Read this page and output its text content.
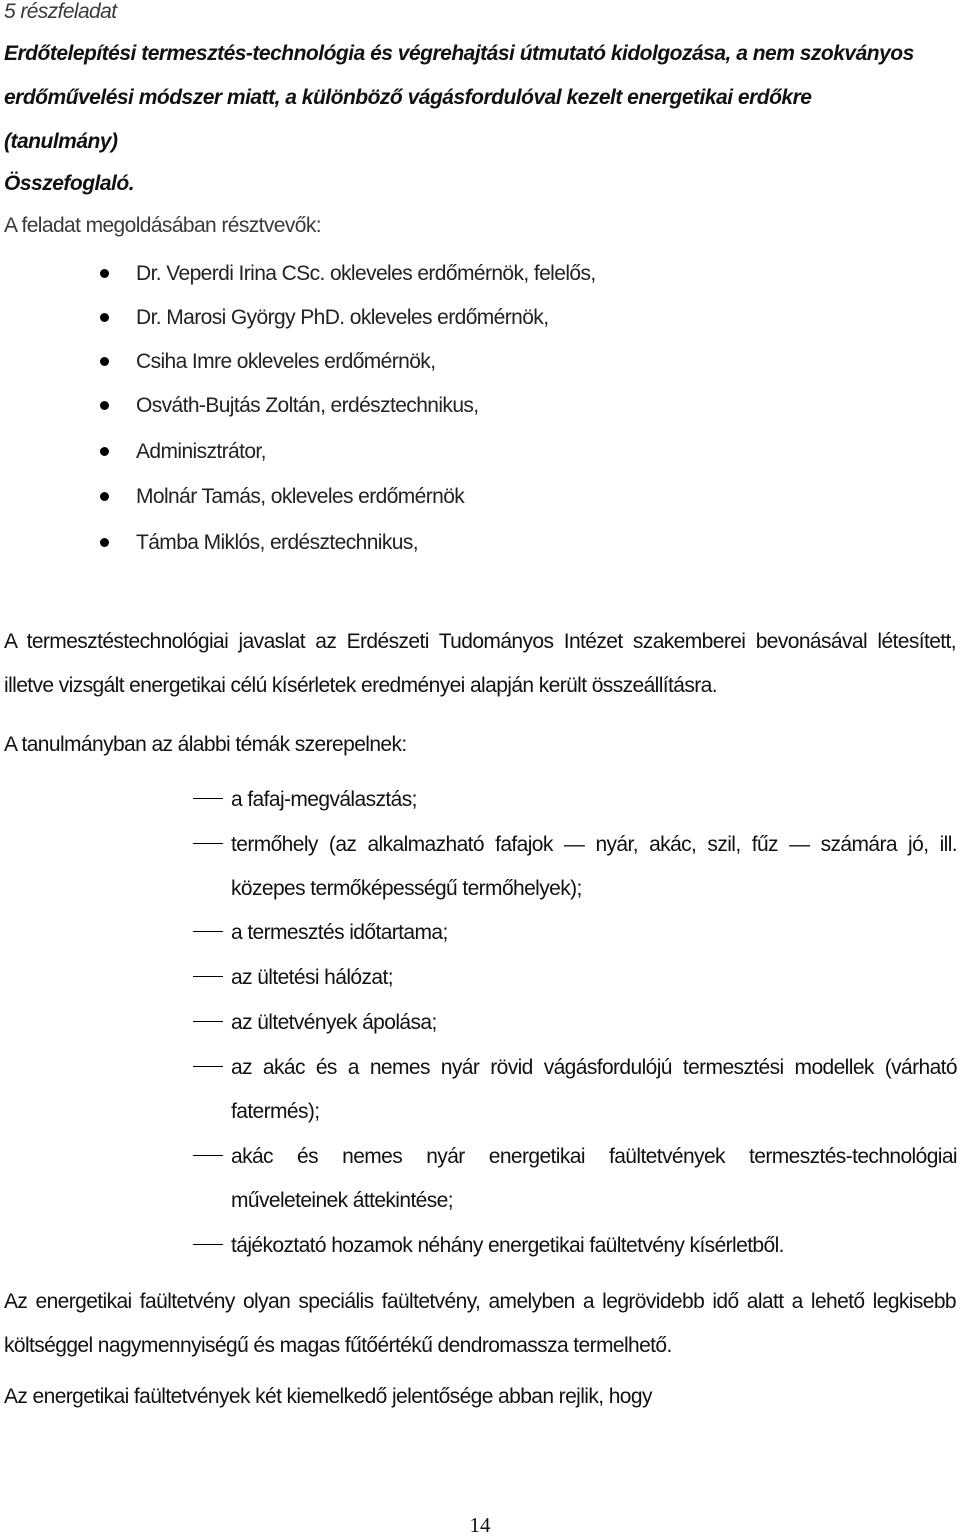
5 részfeladat
Erdőtelepítési termesztés-technológia és végrehajtási útmutató kidolgozása, a nem szokványos
erdőművelési módszer miatt, a különböző vágásfordulóval kezelt energetikai erdőkre
(tanulmány)
Összefoglaló.
A feladat megoldásában résztvevők:
Dr. Veperdi Irina CSc. okleveles erdőmérnök, felelős,
Dr. Marosi György PhD. okleveles erdőmérnök,
Csiha Imre okleveles erdőmérnök,
Osváth-Bujtás Zoltán, erdésztechnikus,
Adminisztrátor,
Molnár Tamás, okleveles erdőmérnök
Támba Miklós, erdésztechnikus,
A termesztéstechnológiai javaslat az Erdészeti Tudományos Intézet szakemberei bevonásával létesített, illetve vizsgált energetikai célú kísérletek eredményei alapján került összeállításra.
A tanulmányban az álabbi témák szerepelnek:
a fafaj-megválasztás;
termőhely (az alkalmazható fafajok ― nyár, akác, szil, fűz ― számára jó, ill. közepes termőképességű termőhelyek);
a termesztés időtartama;
az ültetési hálózat;
az ültetvények ápolása;
az akác és a nemes nyár rövid vágásfordulójú termesztési modellek (várható fatermés);
akác és nemes nyár energetikai faültetvények termesztés-technológiai műveleteinek áttekintése;
tájékoztató hozamok néhány energetikai faültetvény kísérletből.
Az energetikai faültetvény olyan speciális faültetvény, amelyben a legrövidebb idő alatt a lehető legkisebb költséggel nagymennyiségű és magas fűtőértékű dendromassza termelhető.
Az energetikai faültetvények két kiemelkedő jelentősége abban rejlik, hogy
14
